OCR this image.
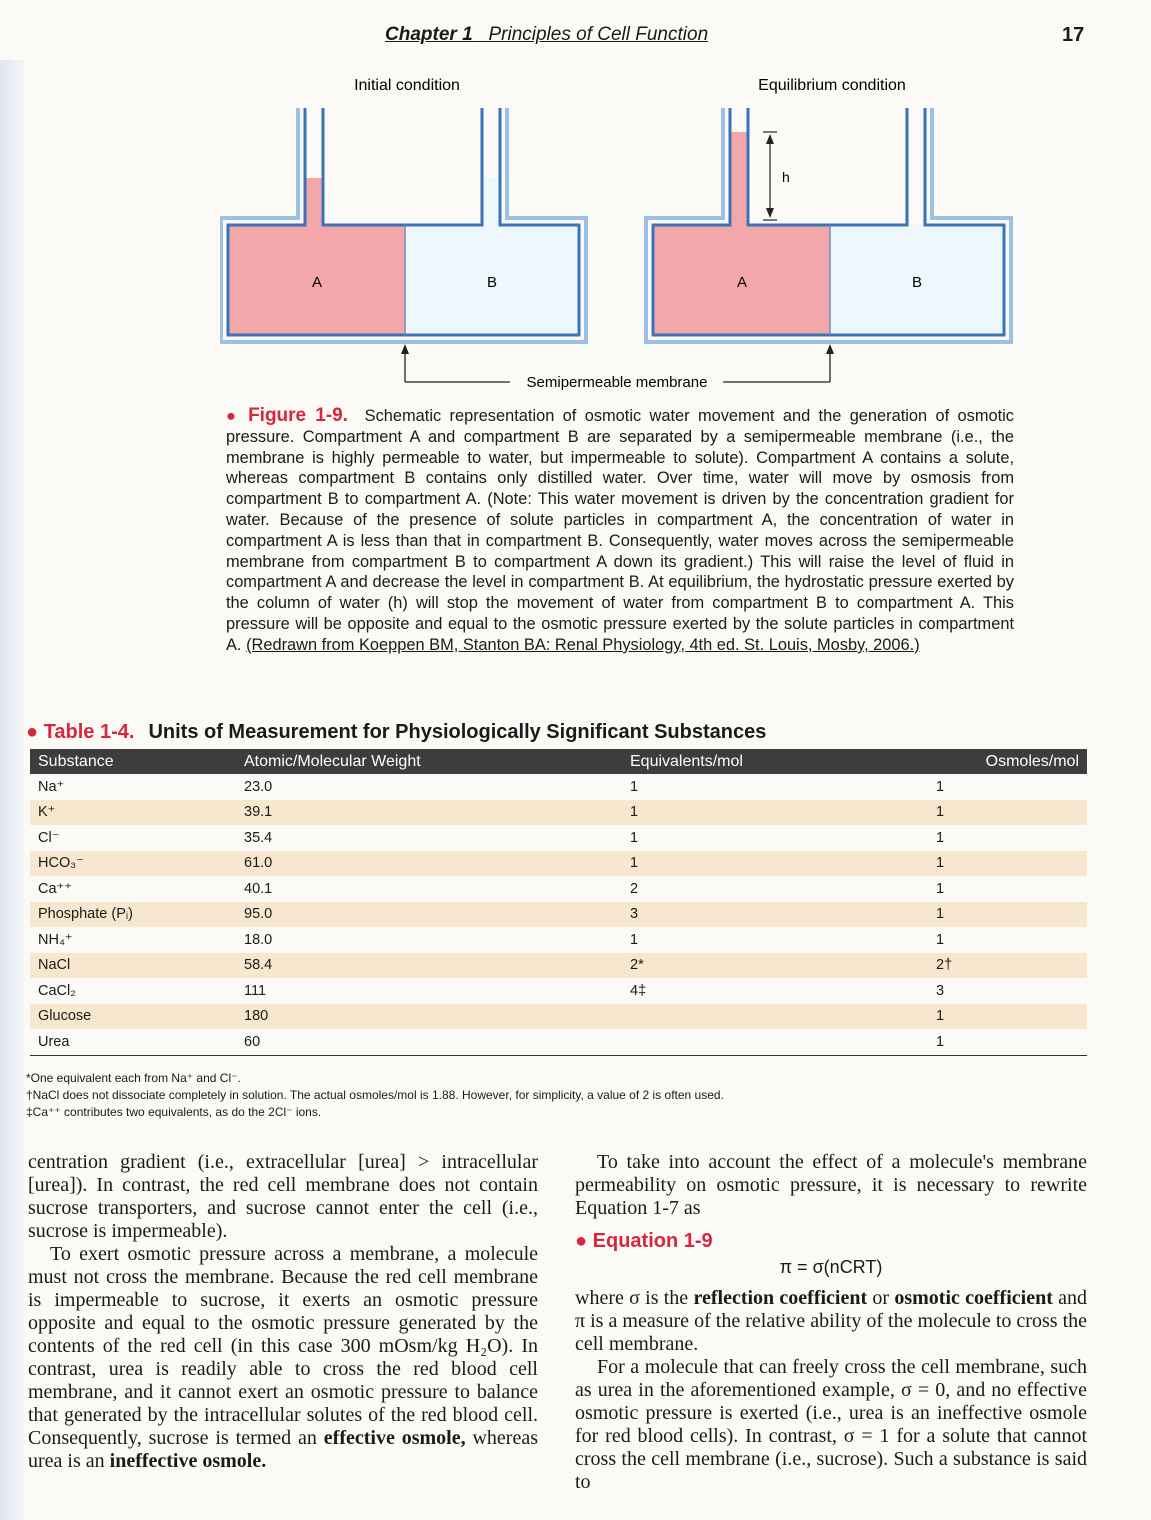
Chapter 1 Principles of Cell Function	17
Initial condition	Equilibrium condition
A	B
h
A	B
Semipermeable membrane
● Figure 1-9. Schematic representation of osmotic water movement and the generation of osmotic pressure. Compartment A and compartment B are separated by a semipermeable membrane (i.e., the membrane is highly permeable to water, but impermeable to solute). Compartment A contains a solute, whereas compartment B contains only distilled water. Over time, water will move by osmosis from compartment B to compartment A. (Note: This water movement is driven by the concentration gradient for water. Because of the presence of solute particles in compartment A, the concentration of water in compartment A is less than that in compartment B. Consequently, water moves across the semipermeable membrane from compartment B to compartment A down its gradient.) This will raise the level of fluid in compartment A and decrease the level in compartment B. At equilibrium, the hydrostatic pressure exerted by the column of water (h) will stop the movement of water from compartment B to compartment A. This pressure will be opposite and equal to the osmotic pressure exerted by the solute particles in compartment A. (Redrawn from Koeppen BM, Stanton BA: Renal Physiology, 4th ed. St. Louis, Mosby, 2006.)
● Table 1-4. Units of Measurement for Physiologically Significant Substances
Substance	Atomic/Molecular Weight	Equivalents/mol	Osmoles/mol
Na⁺	23.0	1	1
K⁺	39.1	1	1
Cl⁻	35.4	1	1
HCO₃⁻	61.0	1	1
Ca⁺⁺	40.1	2	1
Phosphate (Pᵢ)	95.0	3	1
NH₄⁺	18.0	1	1
NaCl	58.4	2*	2†
CaCl₂	111	4‡	3
Glucose	180		1
Urea	60		1
*One equivalent each from Na⁺ and Cl⁻.
†NaCl does not dissociate completely in solution. The actual osmoles/mol is 1.88. However, for simplicity, a value of 2 is often used.
‡Ca⁺⁺ contributes two equivalents, as do the 2Cl⁻ ions.

centration gradient (i.e., extracellular [urea] > intracellular [urea]). In contrast, the red cell membrane does not contain sucrose transporters, and sucrose cannot enter the cell (i.e., sucrose is impermeable).

To exert osmotic pressure across a membrane, a molecule must not cross the membrane. Because the red cell membrane is impermeable to sucrose, it exerts an osmotic pressure opposite and equal to the osmotic pressure generated by the contents of the red cell (in this case 300 mOsm/kg H₂O). In contrast, urea is readily able to cross the red blood cell membrane, and it cannot exert an osmotic pressure to balance that generated by the intracellular solutes of the red blood cell. Consequently, sucrose is termed an effective osmole, whereas urea is an ineffective osmole.

To take into account the effect of a molecule's membrane permeability on osmotic pressure, it is necessary to rewrite Equation 1-7 as

● Equation 1-9
π = σ(nCRT)

where σ is the reflection coefficient or osmotic coefficient and π is a measure of the relative ability of the molecule to cross the cell membrane.

For a molecule that can freely cross the cell membrane, such as urea in the aforementioned example, σ = 0, and no effective osmotic pressure is exerted (i.e., urea is an ineffective osmole for red blood cells). In contrast, σ = 1 for a solute that cannot cross the cell membrane (i.e., sucrose). Such a substance is said to
